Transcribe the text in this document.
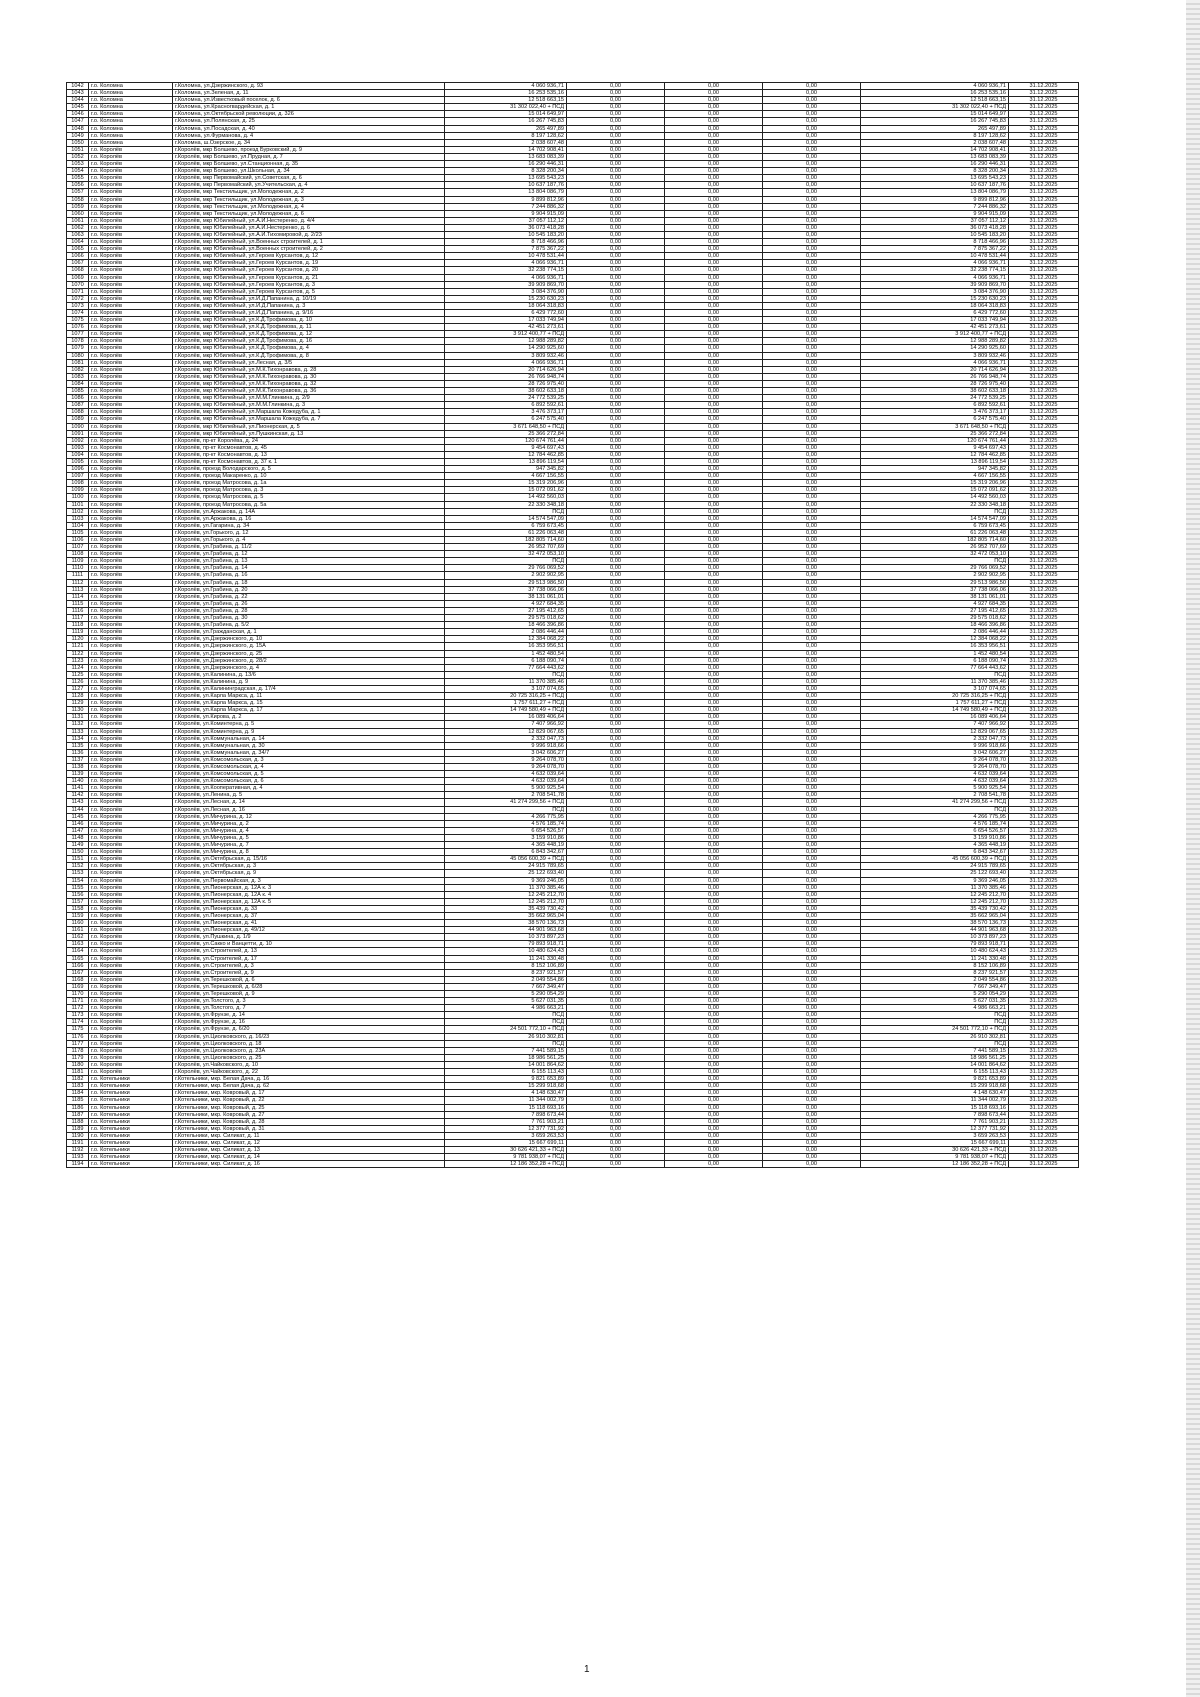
1042	г.о. Коломна	г.Коломна, ул.Дзержинского, д. 93	4 060 936,71	0,00	0,00	0,00	4 060 936,71	31.12.2025
1043	г.о. Коломна	г.Коломна, ул.Зеленая, д. 11	16 253 535,16	0,00	0,00	0,00	16 253 535,16	31.12.2025
1044	г.о. Коломна	г.Коломна, ул.Известковый поселок, д. 6	12 518 663,15	0,00	0,00	0,00	12 518 663,15	31.12.2025
1045	г.о. Коломна	г.Коломна, ул.Красногвардейская, д. 1	31 302 022,40 + ПСД	0,00	0,00	0,00	31 302 022,40 + ПСД	31.12.2025
1046	г.о. Коломна	г.Коломна, ул.Октябрьской революции, д. 326	15 014 649,97	0,00	0,00	0,00	15 014 649,97	31.12.2025
1047	г.о. Коломна	г.Коломна, ул.Полянская, д. 25	16 267 745,83	0,00	0,00	0,00	16 267 745,83	31.12.2025
1048	г.о. Коломна	г.Коломна, ул.Посадская, д. 40	265 497,89	0,00	0,00	0,00	265 497,89	31.12.2025
1049	г.о. Коломна	г.Коломна, ул.Фурманова, д. 4	8 197 128,62	0,00	0,00	0,00	8 197 128,62	31.12.2025
1050	г.о. Коломна	г.Коломна, ш.Озерское, д. 34	2 038 607,48	0,00	0,00	0,00	2 038 607,48	31.12.2025
1051	г.о. Королёв	г.Королёв, мкр Болшево, проезд Бурковский, д. 9	14 702 908,41	0,00	0,00	0,00	14 702 908,41	31.12.2025
1052	г.о. Королёв	г.Королёв, мкр Болшево, ул.Прудная, д. 7	13 683 083,39	0,00	0,00	0,00	13 683 083,39	31.12.2025
1053	г.о. Королёв	г.Королёв, мкр Болшево, ул.Станционная, д. 35	16 290 446,31	0,00	0,00	0,00	16 290 446,31	31.12.2025
1054	г.о. Королёв	г.Королёв, мкр Болшево, ул.Школьная, д. 34	8 328 200,34	0,00	0,00	0,00	8 328 200,34	31.12.2025
1055	г.о. Королёв	г.Королёв, мкр Первомайский, ул.Советская, д. 6	13 695 543,23	0,00	0,00	0,00	13 695 543,23	31.12.2025
1056	г.о. Королёв	г.Королёв, мкр Первомайский, ул.Учительская, д. 4	10 637 187,76	0,00	0,00	0,00	10 637 187,76	31.12.2025
1057	г.о. Королёв	г.Королёв, мкр Текстильщик, ул.Молодежная, д. 2	13 804 086,79	0,00	0,00	0,00	13 804 086,79	31.12.2025
1058	г.о. Королёв	г.Королёв, мкр Текстильщик, ул.Молодежная, д. 3	9 899 812,96	0,00	0,00	0,00	9 899 812,96	31.12.2025
1059	г.о. Королёв	г.Королёв, мкр Текстильщик, ул.Молодежная, д. 4	7 244 886,32	0,00	0,00	0,00	7 244 886,32	31.12.2025
1060	г.о. Королёв	г.Королёв, мкр Текстильщик, ул.Молодежная, д. 6	9 904 915,09	0,00	0,00	0,00	9 904 915,09	31.12.2025
1061	г.о. Королёв	г.Королёв, мкр Юбилейный, ул.А.И.Нестеренко, д. 4/4	37 057 112,12	0,00	0,00	0,00	37 057 112,12	31.12.2025
1062	г.о. Королёв	г.Королёв, мкр Юбилейный, ул.А.И.Нестеренко, д. 6	36 073 418,28	0,00	0,00	0,00	36 073 418,28	31.12.2025
1063	г.о. Королёв	г.Королёв, мкр Юбилейный, ул.А.И.Тихомировой, д. 2/23	10 545 183,20	0,00	0,00	0,00	10 545 183,20	31.12.2025
1064	г.о. Королёв	г.Королёв, мкр Юбилейный, ул.Военных строителей, д. 1	8 718 466,96	0,00	0,00	0,00	8 718 466,96	31.12.2025
1065	г.о. Королёв	г.Королёв, мкр Юбилейный, ул.Военных строителей, д. 2	7 875 367,22	0,00	0,00	0,00	7 875 367,22	31.12.2025
1066	г.о. Королёв	г.Королёв, мкр Юбилейный, ул.Героев Курсантов, д. 12	10 478 531,44	0,00	0,00	0,00	10 478 531,44	31.12.2025
1067	г.о. Королёв	г.Королёв, мкр Юбилейный, ул.Героев Курсантов, д. 19	4 066 936,71	0,00	0,00	0,00	4 066 936,71	31.12.2025
1068	г.о. Королёв	г.Королёв, мкр Юбилейный, ул.Героев Курсантов, д. 20	32 238 774,15	0,00	0,00	0,00	32 238 774,15	31.12.2025
1069	г.о. Королёв	г.Королёв, мкр Юбилейный, ул.Героев Курсантов, д. 21	4 066 936,71	0,00	0,00	0,00	4 066 936,71	31.12.2025
1070	г.о. Королёв	г.Королёв, мкр Юбилейный, ул.Героев Курсантов, д. 3	39 909 869,70	0,00	0,00	0,00	39 909 869,70	31.12.2025
1071	г.о. Королёв	г.Королёв, мкр Юбилейный, ул.Героев Курсантов, д. 5	3 084 376,90	0,00	0,00	0,00	3 084 376,90	31.12.2025
1072	г.о. Королёв	г.Королёв, мкр Юбилейный, ул.И.Д.Папанина, д. 10/19	15 230 630,23	0,00	0,00	0,00	15 230 630,23	31.12.2025
1073	г.о. Королёв	г.Королёв, мкр Юбилейный, ул.И.Д.Папанина, д. 3	18 064 318,83	0,00	0,00	0,00	18 064 318,83	31.12.2025
1074	г.о. Королёв	г.Королёв, мкр Юбилейный, ул.И.Д.Папанина, д. 9/16	6 429 772,60	0,00	0,00	0,00	6 429 772,60	31.12.2025
1075	г.о. Королёв	г.Королёв, мкр Юбилейный, ул.К.Д.Трофимова, д. 10	17 033 749,94	0,00	0,00	0,00	17 033 749,94	31.12.2025
1076	г.о. Королёв	г.Королёв, мкр Юбилейный, ул.К.Д.Трофимова, д. 11	42 451 273,61	0,00	0,00	0,00	42 451 273,61	31.12.2025
1077	г.о. Королёв	г.Королёв, мкр Юбилейный, ул.К.Д.Трофимова, д. 12	3 912 400,77 + ПСД	0,00	0,00	0,00	3 912 400,77 + ПСД	31.12.2025
1078	г.о. Королёв	г.Королёв, мкр Юбилейный, ул.К.Д.Трофимова, д. 16	12 988 289,82	0,00	0,00	0,00	12 988 289,82	31.12.2025
1079	г.о. Королёв	г.Королёв, мкр Юбилейный, ул.К.Д.Трофимова, д. 4	14 290 925,60	0,00	0,00	0,00	14 290 925,60	31.12.2025
1080	г.о. Королёв	г.Королёв, мкр Юбилейный, ул.К.Д.Трофимова, д. 8	3 809 932,46	0,00	0,00	0,00	3 809 932,46	31.12.2025
1081	г.о. Королёв	г.Королёв, мкр Юбилейный, ул.Лесная, д. 3/5	4 066 936,71	0,00	0,00	0,00	4 066 936,71	31.12.2025
1082	г.о. Королёв	г.Королёв, мкр Юбилейный, ул.М.К.Тихонравова, д. 28	20 714 626,94	0,00	0,00	0,00	20 714 626,94	31.12.2025
1083	г.о. Королёв	г.Королёв, мкр Юбилейный, ул.М.К.Тихонравова, д. 30	26 766 948,74	0,00	0,00	0,00	26 766 948,74	31.12.2025
1084	г.о. Королёв	г.Королёв, мкр Юбилейный, ул.М.К.Тихонравова, д. 32	28 726 975,40	0,00	0,00	0,00	28 726 975,40	31.12.2025
1085	г.о. Королёв	г.Королёв, мкр Юбилейный, ул.М.К.Тихонравова, д. 36	38 602 633,18	0,00	0,00	0,00	38 602 633,18	31.12.2025
1086	г.о. Королёв	г.Королёв, мкр Юбилейный, ул.М.М.Глинкина, д. 2/9	24 772 539,25	0,00	0,00	0,00	24 772 539,25	31.12.2025
1087	г.о. Королёв	г.Королёв, мкр Юбилейный, ул.М.М.Глинкина, д. 3	6 892 592,61	0,00	0,00	0,00	6 892 592,61	31.12.2025
1088	г.о. Королёв	г.Королёв, мкр Юбилейный, ул.Маршала Кожедуба, д. 1	3 476 373,17	0,00	0,00	0,00	3 476 373,17	31.12.2025
1089	г.о. Королёв	г.Королёв, мкр Юбилейный, ул.Маршала Кожедуба, д. 7	6 247 575,40	0,00	0,00	0,00	6 247 575,40	31.12.2025
1090	г.о. Королёв	г.Королёв, мкр Юбилейный, ул.Пионерская, д. 5	3 671 648,50 + ПСД	0,00	0,00	0,00	3 671 648,50 + ПСД	31.12.2025
1091	г.о. Королёв	г.Королёв, мкр Юбилейный, ул.Пушкинская, д. 13	25 366 272,84	0,00	0,00	0,00	25 366 272,84	31.12.2025
1092	г.о. Королёв	г.Королёв, пр-кт Королёва, д. 24	120 674 761,44	0,00	0,00	0,00	120 674 761,44	31.12.2025
1093	г.о. Королёв	г.Королёв, пр-кт Космонавтов, д. 45	9 454 697,43	0,00	0,00	0,00	9 454 697,43	31.12.2025
1094	г.о. Королёв	г.Королёв, пр-кт Космонавтов, д. 13	12 784 462,85	0,00	0,00	0,00	12 784 462,85	31.12.2025
1095	г.о. Королёв	г.Королёв, пр-кт Космонавтов, д. 37 к. 1	13 896 119,54	0,00	0,00	0,00	13 896 119,54	31.12.2025
1096	г.о. Королёв	г.Королёв, проезд Володарского, д. 5	947 345,82	0,00	0,00	0,00	947 345,82	31.12.2025
1097	г.о. Королёв	г.Королёв, проезд Макаренко, д. 10	4 667 156,55	0,00	0,00	0,00	4 667 156,55	31.12.2025
1098	г.о. Королёв	г.Королёв, проезд Матросова, д. 1а	15 319 206,96	0,00	0,00	0,00	15 319 206,96	31.12.2025
1099	г.о. Королёв	г.Королёв, проезд Матросова, д. 3	15 072 091,62	0,00	0,00	0,00	15 072 091,62	31.12.2025
1100	г.о. Королёв	г.Королёв, проезд Матросова, д. 5	14 492 560,03	0,00	0,00	0,00	14 492 560,03	31.12.2025
1101	г.о. Королёв	г.Королёв, проезд Матросова, д. 5а	22 330 348,18	0,00	0,00	0,00	22 330 348,18	31.12.2025
1102	г.о. Королёв	г.Королёв, ул.Аржакова, д. 14А	ПСД	0,00	0,00	0,00	ПСД	31.12.2025
1103	г.о. Королёв	г.Королёв, ул.Аржакова, д. 16	14 574 547,09	0,00	0,00	0,00	14 574 547,09	31.12.2025
1104	г.о. Королёв	г.Королёв, ул.Гагарина, д. 34	6 759 673,45	0,00	0,00	0,00	6 759 673,45	31.12.2025
1105	г.о. Королёв	г.Королёв, ул.Горького, д. 12	61 226 063,48	0,00	0,00	0,00	61 226 063,48	31.12.2025
1106	г.о. Королёв	г.Королёв, ул.Горького, д. 4	182 805 714,60	0,00	0,00	0,00	182 805 714,60	31.12.2025
1107	г.о. Королёв	г.Королёв, ул.Грабина, д. 11/2	26 952 707,69	0,00	0,00	0,00	26 952 707,69	31.12.2025
1108	г.о. Королёв	г.Королёв, ул.Грабина, д. 12	32 472 053,10	0,00	0,00	0,00	32 472 053,10	31.12.2025
1109	г.о. Королёв	г.Королёв, ул.Грабина, д. 13	ПСД	0,00	0,00	0,00	ПСД	31.12.2025
1110	г.о. Королёв	г.Королёв, ул.Грабина, д. 14	29 766 069,52	0,00	0,00	0,00	29 766 069,52	31.12.2025
1111	г.о. Королёв	г.Королёв, ул.Грабина, д. 16	2 902 902,95	0,00	0,00	0,00	2 902 902,95	31.12.2025
1112	г.о. Королёв	г.Королёв, ул.Грабина, д. 18	29 513 986,50	0,00	0,00	0,00	29 513 986,50	31.12.2025
1113	г.о. Королёв	г.Королёв, ул.Грабина, д. 20	37 738 066,06	0,00	0,00	0,00	37 738 066,06	31.12.2025
1114	г.о. Королёв	г.Королёв, ул.Грабина, д. 22	38 131 061,01	0,00	0,00	0,00	38 131 061,01	31.12.2025
1115	г.о. Королёв	г.Королёв, ул.Грабина, д. 26	4 927 684,35	0,00	0,00	0,00	4 927 684,35	31.12.2025
1116	г.о. Королёв	г.Королёв, ул.Грабина, д. 28	27 195 412,65	0,00	0,00	0,00	27 195 412,65	31.12.2025
1117	г.о. Королёв	г.Королёв, ул.Грабина, д. 30	29 575 018,62	0,00	0,00	0,00	29 575 018,62	31.12.2025
1118	г.о. Королёв	г.Королёв, ул.Грабина, д. 5/2	18 466 396,86	0,00	0,00	0,00	18 466 396,86	31.12.2025
1119	г.о. Королёв	г.Королёв, ул.Гражданская, д. 1	2 086 446,44	0,00	0,00	0,00	2 086 446,44	31.12.2025
1120	г.о. Королёв	г.Королёв, ул.Дзержинского, д. 10	12 384 068,22	0,00	0,00	0,00	12 384 068,22	31.12.2025
1121	г.о. Королёв	г.Королёв, ул.Дзержинского, д. 15А	16 353 956,51	0,00	0,00	0,00	16 353 956,51	31.12.2025
1122	г.о. Королёв	г.Королёв, ул.Дзержинского, д. 25	1 452 480,54	0,00	0,00	0,00	1 452 480,54	31.12.2025
1123	г.о. Королёв	г.Королёв, ул.Дзержинского, д. 28/2	6 188 090,74	0,00	0,00	0,00	6 188 090,74	31.12.2025
1124	г.о. Королёв	г.Королёв, ул.Дзержинского, д. 4	77 664 443,62	0,00	0,00	0,00	77 664 443,62	31.12.2025
1125	г.о. Королёв	г.Королёв, ул.Калинина, д. 13/6	ПСД	0,00	0,00	0,00	ПСД	31.12.2025
1126	г.о. Королёв	г.Королёв, ул.Калинина, д. 9	11 370 385,46	0,00	0,00	0,00	11 370 385,46	31.12.2025
1127	г.о. Королёв	г.Королёв, ул.Калининградская, д. 17/4	3 107 074,65	0,00	0,00	0,00	3 107 074,65	31.12.2025
1128	г.о. Королёв	г.Королёв, ул.Карла Маркса, д. 11	20 725 316,25 + ПСД	0,00	0,00	0,00	20 725 316,25 + ПСД	31.12.2025
1129	г.о. Королёв	г.Королёв, ул.Карла Маркса, д. 15	1 757 611,27 + ПСД	0,00	0,00	0,00	1 757 611,27 + ПСД	31.12.2025
1130	г.о. Королёв	г.Королёв, ул.Карла Маркса, д. 17	14 749 580,49 + ПСД	0,00	0,00	0,00	14 749 580,49 + ПСД	31.12.2025
1131	г.о. Королёв	г.Королёв, ул.Кирова, д. 2	16 089 406,64	0,00	0,00	0,00	16 089 406,64	31.12.2025
1132	г.о. Королёв	г.Королёв, ул.Коминтерна, д. 5	7 407 966,92	0,00	0,00	0,00	7 407 966,92	31.12.2025
1133	г.о. Королёв	г.Королёв, ул.Коминтерна, д. 9	12 829 067,65	0,00	0,00	0,00	12 829 067,65	31.12.2025
1134	г.о. Королёв	г.Королёв, ул.Коммунальная, д. 14	2 332 047,73	0,00	0,00	0,00	2 332 047,73	31.12.2025
1135	г.о. Королёв	г.Королёв, ул.Коммунальная, д. 30	9 996 918,66	0,00	0,00	0,00	9 996 918,66	31.12.2025
1136	г.о. Королёв	г.Королёв, ул.Коммунальная, д. 34/7	3 042 606,27	0,00	0,00	0,00	3 042 606,27	31.12.2025
1137	г.о. Королёв	г.Королёв, ул.Комсомольская, д. 3	9 264 078,70	0,00	0,00	0,00	9 264 078,70	31.12.2025
1138	г.о. Королёв	г.Королёв, ул.Комсомольская, д. 4	9 264 078,70	0,00	0,00	0,00	9 264 078,70	31.12.2025
1139	г.о. Королёв	г.Королёв, ул.Комсомольская, д. 5	4 632 039,64	0,00	0,00	0,00	4 632 039,64	31.12.2025
1140	г.о. Королёв	г.Королёв, ул.Комсомольская, д. 6	4 632 039,64	0,00	0,00	0,00	4 632 039,64	31.12.2025
1141	г.о. Королёв	г.Королёв, ул.Кооперативная, д. 4	5 900 925,54	0,00	0,00	0,00	5 900 925,54	31.12.2025
1142	г.о. Королёв	г.Королёв, ул.Ленина, д. 5	2 708 541,78	0,00	0,00	0,00	2 708 541,78	31.12.2025
1143	г.о. Королёв	г.Королёв, ул.Лесная, д. 14	41 274 299,56 + ПСД	0,00	0,00	0,00	41 274 299,56 + ПСД	31.12.2025
1144	г.о. Королёв	г.Королёв, ул.Лесная, д. 16	ПСД	0,00	0,00	0,00	ПСД	31.12.2025
1145	г.о. Королёв	г.Королёв, ул.Мичурина, д. 12	4 266 775,95	0,00	0,00	0,00	4 266 775,95	31.12.2025
1146	г.о. Королёв	г.Королёв, ул.Мичурина, д. 2	4 576 185,74	0,00	0,00	0,00	4 576 185,74	31.12.2025
1147	г.о. Королёв	г.Королёв, ул.Мичурина, д. 4	6 654 526,57	0,00	0,00	0,00	6 654 526,57	31.12.2025
1148	г.о. Королёв	г.Королёв, ул.Мичурина, д. 5	3 159 910,86	0,00	0,00	0,00	3 159 910,86	31.12.2025
1149	г.о. Королёв	г.Королёв, ул.Мичурина, д. 7	4 365 448,19	0,00	0,00	0,00	4 365 448,19	31.12.2025
1150	г.о. Королёв	г.Королёв, ул.Мичурина, д. 8	6 843 342,67	0,00	0,00	0,00	6 843 342,67	31.12.2025
1151	г.о. Королёв	г.Королёв, ул.Октябрьская, д. 15/16	45 056 600,39 + ПСД	0,00	0,00	0,00	45 056 600,39 + ПСД	31.12.2025
1152	г.о. Королёв	г.Королёв, ул.Октябрьская, д. 3	24 915 789,65	0,00	0,00	0,00	24 915 789,65	31.12.2025
1153	г.о. Королёв	г.Королёв, ул.Октябрьская, д. 9	25 122 693,40	0,00	0,00	0,00	25 122 693,40	31.12.2025
1154	г.о. Королёв	г.Королёв, ул.Первомайская, д. 3	9 369 246,05	0,00	0,00	0,00	9 369 246,05	31.12.2025
1155	г.о. Королёв	г.Королёв, ул.Пионерская, д. 12А к. 3	11 370 385,46	0,00	0,00	0,00	11 370 385,46	31.12.2025
1156	г.о. Королёв	г.Королёв, ул.Пионерская, д. 12А к. 4	12 245 212,70	0,00	0,00	0,00	12 245 212,70	31.12.2025
1157	г.о. Королёв	г.Королёв, ул.Пионерская, д. 12А к. 5	12 245 212,70	0,00	0,00	0,00	12 245 212,70	31.12.2025
1158	г.о. Королёв	г.Королёв, ул.Пионерская, д. 33	35 439 730,42	0,00	0,00	0,00	35 439 730,42	31.12.2025
1159	г.о. Королёв	г.Королёв, ул.Пионерская, д. 37	35 662 965,04	0,00	0,00	0,00	35 662 965,04	31.12.2025
1160	г.о. Королёв	г.Королёв, ул.Пионерская, д. 41	38 570 136,73	0,00	0,00	0,00	38 570 136,73	31.12.2025
1161	г.о. Королёв	г.Королёв, ул.Пионерская, д. 49/12	44 901 963,68	0,00	0,00	0,00	44 901 963,68	31.12.2025
1162	г.о. Королёв	г.Королёв, ул.Пушкина, д. 1/9	10 373 897,23	0,00	0,00	0,00	10 373 897,23	31.12.2025
1163	г.о. Королёв	г.Королёв, ул.Сакко и Ванцетти, д. 10	79 893 918,71	0,00	0,00	0,00	79 893 918,71	31.12.2025
1164	г.о. Королёв	г.Королёв, ул.Строителей, д. 13	10 480 624,43	0,00	0,00	0,00	10 480 624,43	31.12.2025
1165	г.о. Королёв	г.Королёв, ул.Строителей, д. 17	11 241 330,48	0,00	0,00	0,00	11 241 330,48	31.12.2025
1166	г.о. Королёв	г.Королёв, ул.Строителей, д. 3	8 152 106,89	0,00	0,00	0,00	8 152 106,89	31.12.2025
1167	г.о. Королёв	г.Королёв, ул.Строителей, д. 9	8 237 921,57	0,00	0,00	0,00	8 237 921,57	31.12.2025
1168	г.о. Королёв	г.Королёв, ул.Терешковой, д. 6	2 049 554,86	0,00	0,00	0,00	2 049 554,86	31.12.2025
1169	г.о. Королёв	г.Королёв, ул.Терешковой, д. 6/28	7 667 349,47	0,00	0,00	0,00	7 667 349,47	31.12.2025
1170	г.о. Королёв	г.Королёв, ул.Терешковой, д. 9	5 290 054,29	0,00	0,00	0,00	5 290 054,29	31.12.2025
1171	г.о. Королёв	г.Королёв, ул.Толстого, д. 3	5 627 031,35	0,00	0,00	0,00	5 627 031,35	31.12.2025
1172	г.о. Королёв	г.Королёв, ул.Толстого, д. 7	4 986 663,21	0,00	0,00	0,00	4 986 663,21	31.12.2025
1173	г.о. Королёв	г.Королёв, ул.Фрунзе, д. 14	ПСД	0,00	0,00	0,00	ПСД	31.12.2025
1174	г.о. Королёв	г.Королёв, ул.Фрунзе, д. 16	ПСД	0,00	0,00	0,00	ПСД	31.12.2025
1175	г.о. Королёв	г.Королёв, ул.Фрунзе, д. 6/20	24 501 772,10 + ПСД	0,00	0,00	0,00	24 501 772,10 + ПСД	31.12.2025
1176	г.о. Королёв	г.Королёв, ул.Циолковского, д. 16/23	26 910 302,81	0,00	0,00	0,00	26 910 302,81	31.12.2025
1177	г.о. Королёв	г.Королёв, ул.Циолковского, д. 18	ПСД	0,00	0,00	0,00	ПСД	31.12.2025
1178	г.о. Королёв	г.Королёв, ул.Циолковского, д. 23А	7 441 589,15	0,00	0,00	0,00	7 441 589,15	31.12.2025
1179	г.о. Королёв	г.Королёв, ул.Циолковского, д. 25	18 986 561,25	0,00	0,00	0,00	18 986 561,25	31.12.2025
1180	г.о. Королёв	г.Королёв, ул.Чайковского, д. 10	14 001 864,62	0,00	0,00	0,00	14 001 864,62	31.12.2025
1181	г.о. Королёв	г.Королёв, ул.Чайковского, д. 22	6 155 113,43	0,00	0,00	0,00	6 155 113,43	31.12.2025
1182	г.о. Котельники	г.Котельники, мкр. Белая Дача, д. 16	9 821 653,89	0,00	0,00	0,00	9 821 653,89	31.12.2025
1183	г.о. Котельники	г.Котельники, мкр. Белая Дача, д. 62	15 299 918,68	0,00	0,00	0,00	15 299 918,68	31.12.2025
1184	г.о. Котельники	г.Котельники, мкр. Ковровый, д. 17	4 148 630,47	0,00	0,00	0,00	4 148 630,47	31.12.2025
1185	г.о. Котельники	г.Котельники, мкр. Ковровый, д. 22	11 344 002,79	0,00	0,00	0,00	11 344 002,79	31.12.2025
1186	г.о. Котельники	г.Котельники, мкр. Ковровый, д. 25	15 118 693,16	0,00	0,00	0,00	15 118 693,16	31.12.2025
1187	г.о. Котельники	г.Котельники, мкр. Ковровый, д. 27	7 898 673,44	0,00	0,00	0,00	7 898 673,44	31.12.2025
1188	г.о. Котельники	г.Котельники, мкр. Ковровый, д. 28	7 761 903,21	0,00	0,00	0,00	7 761 903,21	31.12.2025
1189	г.о. Котельники	г.Котельники, мкр. Ковровый, д. 31	12 377 731,92	0,00	0,00	0,00	12 377 731,92	31.12.2025
1190	г.о. Котельники	г.Котельники, мкр. Силикат, д. 11	3 659 263,53	0,00	0,00	0,00	3 659 263,53	31.12.2025
1191	г.о. Котельники	г.Котельники, мкр. Силикат, д. 12	15 667 699,11	0,00	0,00	0,00	15 667 699,11	31.12.2025
1192	г.о. Котельники	г.Котельники, мкр. Силикат, д. 13	30 626 421,33 + ПСД	0,00	0,00	0,00	30 626 421,33 + ПСД	31.12.2025
1193	г.о. Котельники	г.Котельники, мкр. Силикат, д. 14	9 781 938,07 + ПСД	0,00	0,00	0,00	9 781 938,07 + ПСД	31.12.2025
1194	г.о. Котельники	г.Котельники, мкр. Силикат, д. 16	12 186 352,28 + ПСД	0,00	0,00	0,00	12 186 352,28 + ПСД	31.12.2025
1
